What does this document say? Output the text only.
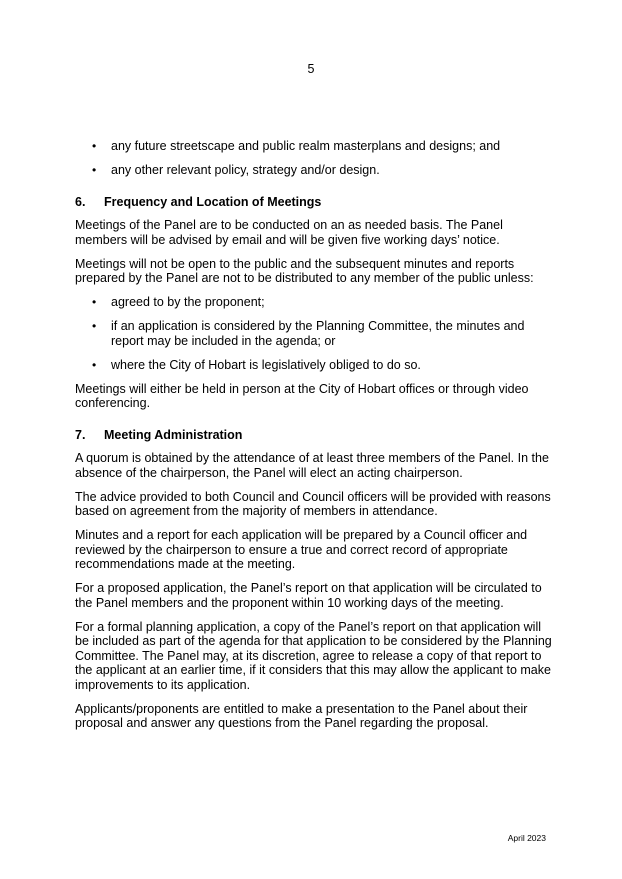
5
• any future streetscape and public realm masterplans and designs; and
• any other relevant policy, strategy and/or design.
6.	Frequency and Location of Meetings

Meetings of the Panel are to be conducted on an as needed basis. The Panel members will be advised by email and will be given five working days’ notice.

Meetings will not be open to the public and the subsequent minutes and reports prepared by the Panel are not to be distributed to any member of the public unless:

• agreed to by the proponent;
• if an application is considered by the Planning Committee, the minutes and report may be included in the agenda; or
• where the City of Hobart is legislatively obliged to do so.

Meetings will either be held in person at the City of Hobart offices or through video conferencing.

7.	Meeting Administration

A quorum is obtained by the attendance of at least three members of the Panel. In the absence of the chairperson, the Panel will elect an acting chairperson.

The advice provided to both Council and Council officers will be provided with reasons based on agreement from the majority of members in attendance.

Minutes and a report for each application will be prepared by a Council officer and reviewed by the chairperson to ensure a true and correct record of appropriate recommendations made at the meeting.

For a proposed application, the Panel’s report on that application will be circulated to the Panel members and the proponent within 10 working days of the meeting.

For a formal planning application, a copy of the Panel’s report on that application will be included as part of the agenda for that application to be considered by the Planning Committee. The Panel may, at its discretion, agree to release a copy of that report to the applicant at an earlier time, if it considers that this may allow the applicant to make improvements to its application.

Applicants/proponents are entitled to make a presentation to the Panel about their proposal and answer any questions from the Panel regarding the proposal.

April 2023
